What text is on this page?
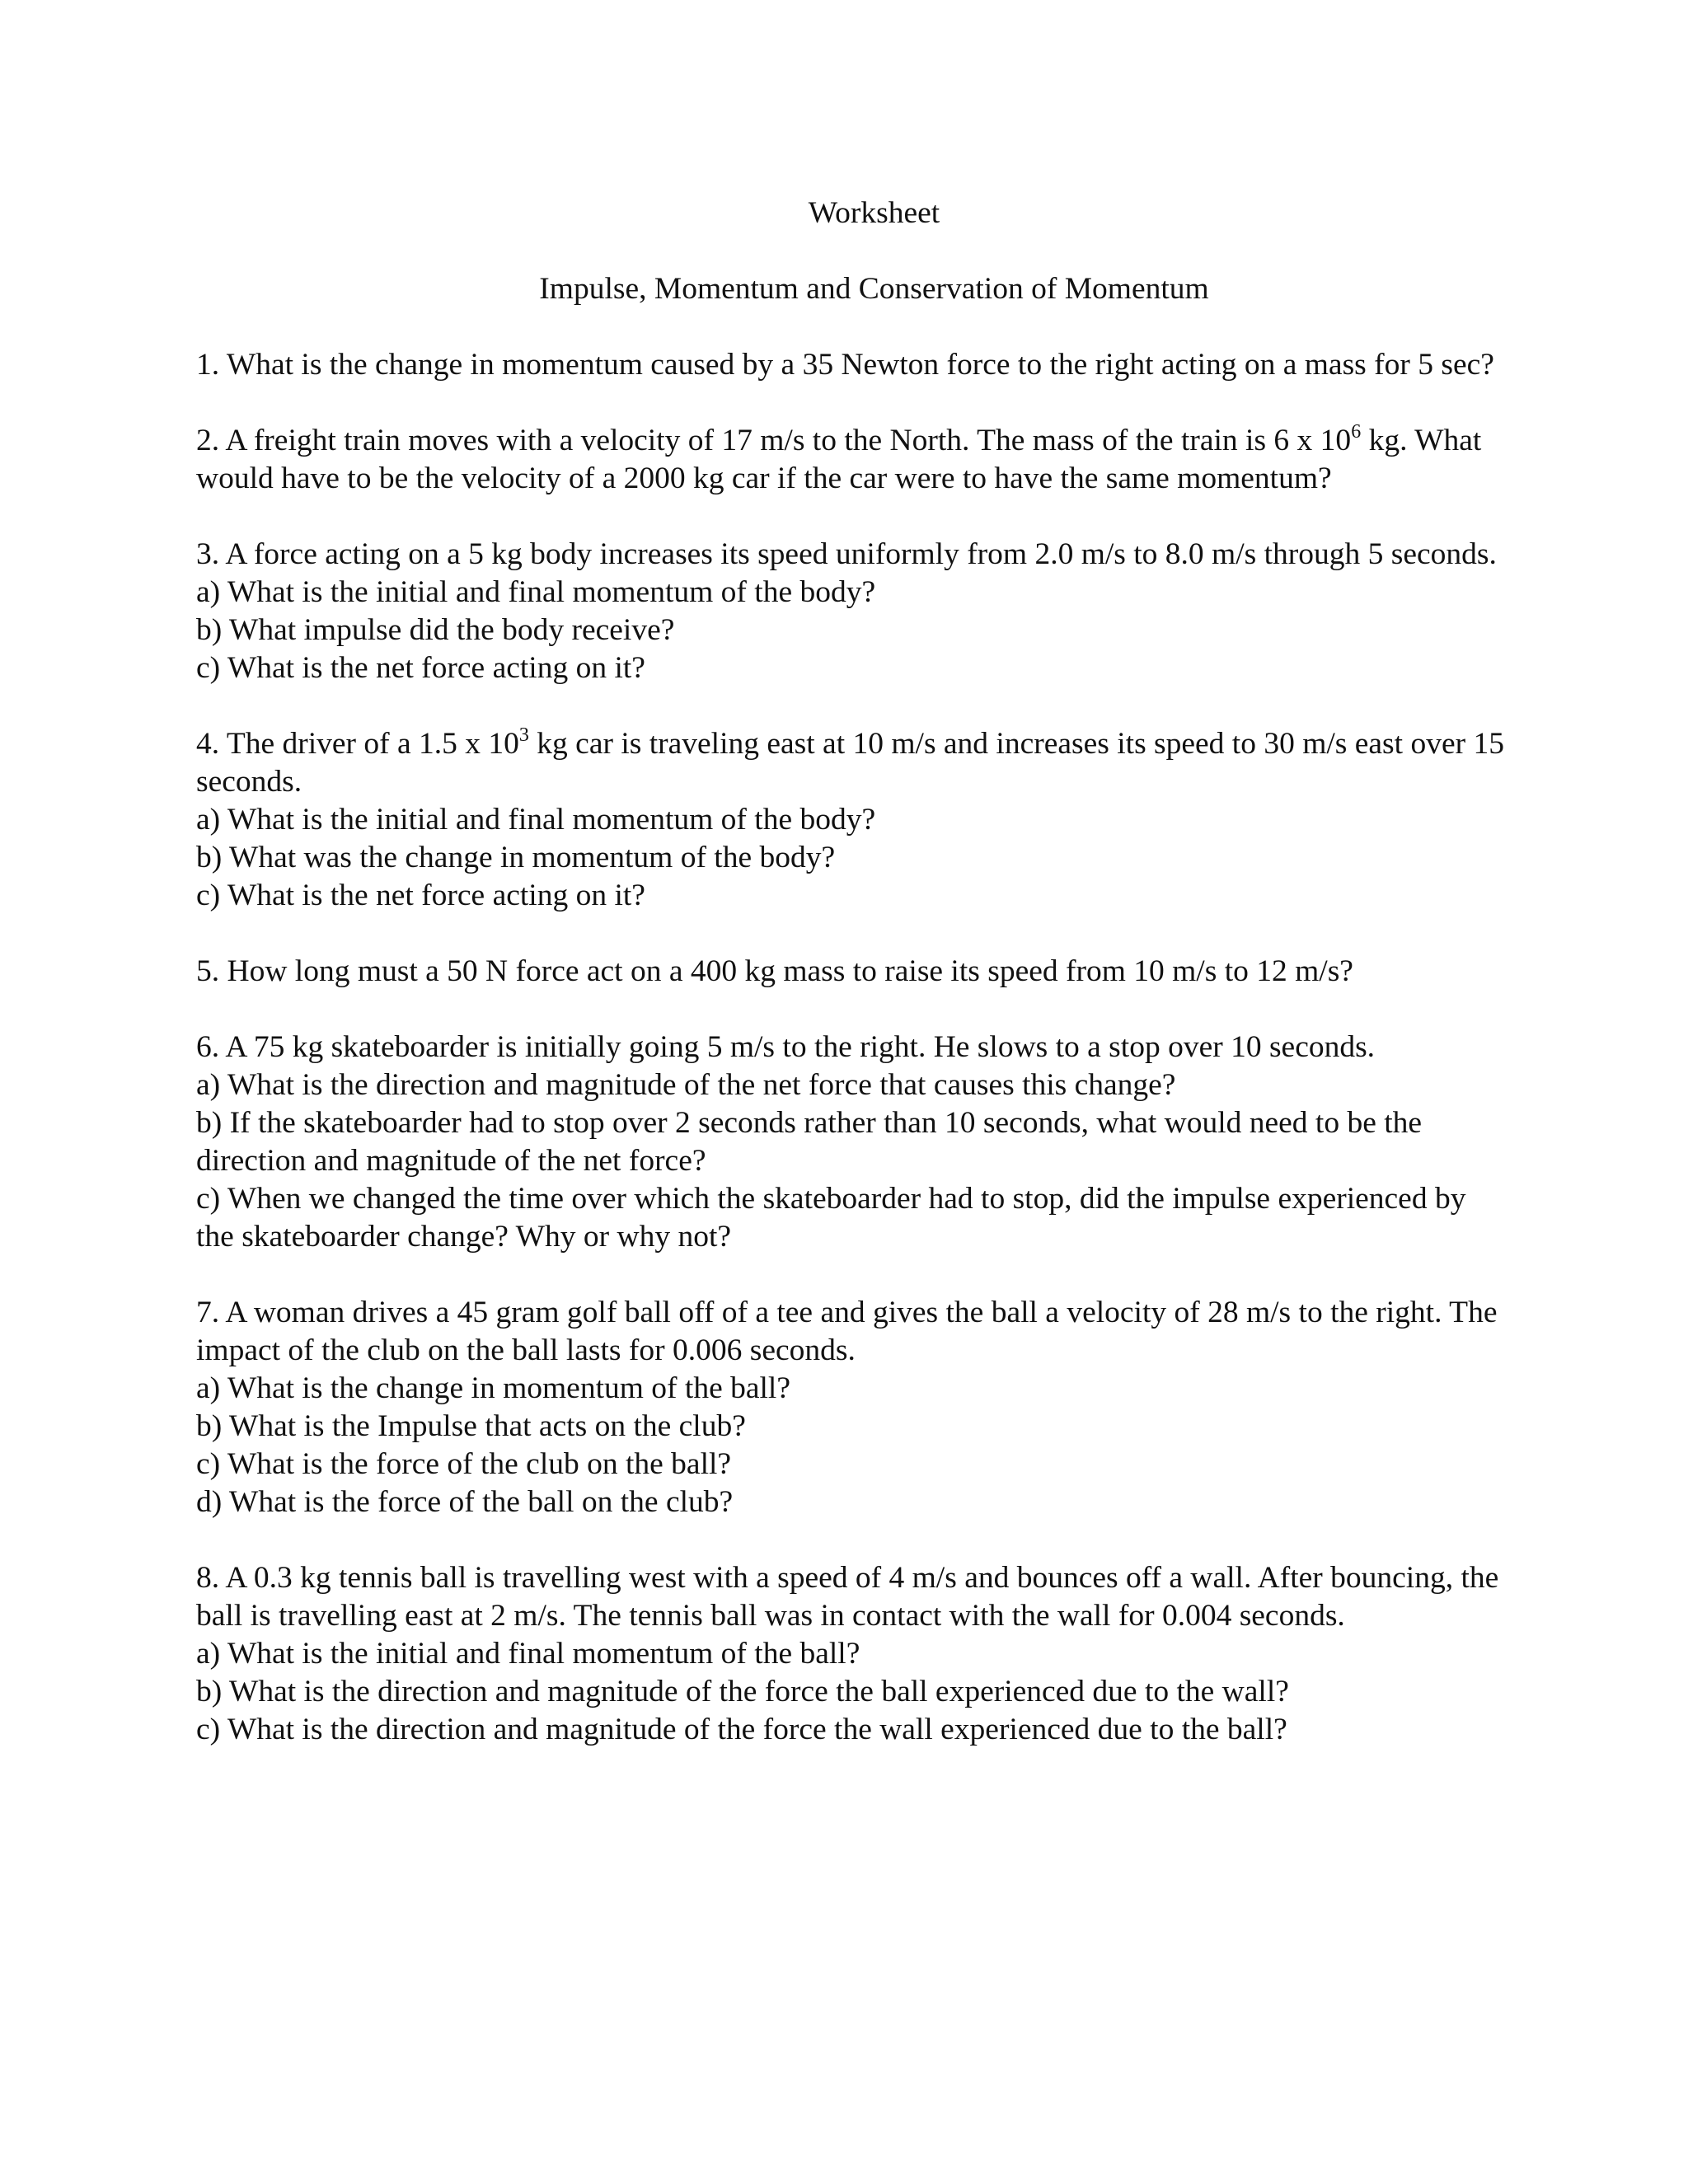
Worksheet
Impulse, Momentum and Conservation of Momentum

1. What is the change in momentum caused by a 35 Newton force to the right acting on a mass for 5 sec?

2. A freight train moves with a velocity of 17 m/s to the North. The mass of the train is 6 x $10^6$ kg. What would have to be the velocity of a 2000 kg car if the car were to have the same momentum?

3. A force acting on a 5 kg body increases its speed uniformly from 2.0 m/s to 8.0 m/s through 5 seconds.

a) What is the initial and final momentum of the body?

b) What impulse did the body receive?

c) What is the net force acting on it?

4. The driver of a 1.5 x $10^3$ kg car is traveling east at 10 m/s and increases its speed to 30 m/s east over 15 seconds.

a) What is the initial and final momentum of the body?

b) What was the change in momentum of the body?

c) What is the net force acting on it?

5. How long must a 50 N force act on a 400 kg mass to raise its speed from 10 m/s to 12 m/s?

6. A 75 kg skateboarder is initially going 5 m/s to the right. He slows to a stop over 10 seconds.

a) What is the direction and magnitude of the net force that causes this change?

b) If the skateboarder had to stop over 2 seconds rather than 10 seconds, what would need to be the direction and magnitude of the net force?

c) When we changed the time over which the skateboarder had to stop, did the impulse experienced by the skateboarder change? Why or why not?

7. A woman drives a 45 gram golf ball off of a tee and gives the ball a velocity of 28 m/s to the right. The impact of the club on the ball lasts for 0.006 seconds.

a) What is the change in momentum of the ball?

b) What is the Impulse that acts on the club?

c) What is the force of the club on the ball?

d) What is the force of the ball on the club?

8. A 0.3 kg tennis ball is travelling west with a speed of 4 m/s and bounces off a wall. After bouncing, the ball is travelling east at 2 m/s. The tennis ball was in contact with the wall for 0.004 seconds.

a) What is the initial and final momentum of the ball?

b) What is the direction and magnitude of the force the ball experienced due to the wall?

c) What is the direction and magnitude of the force the wall experienced due to the ball?
